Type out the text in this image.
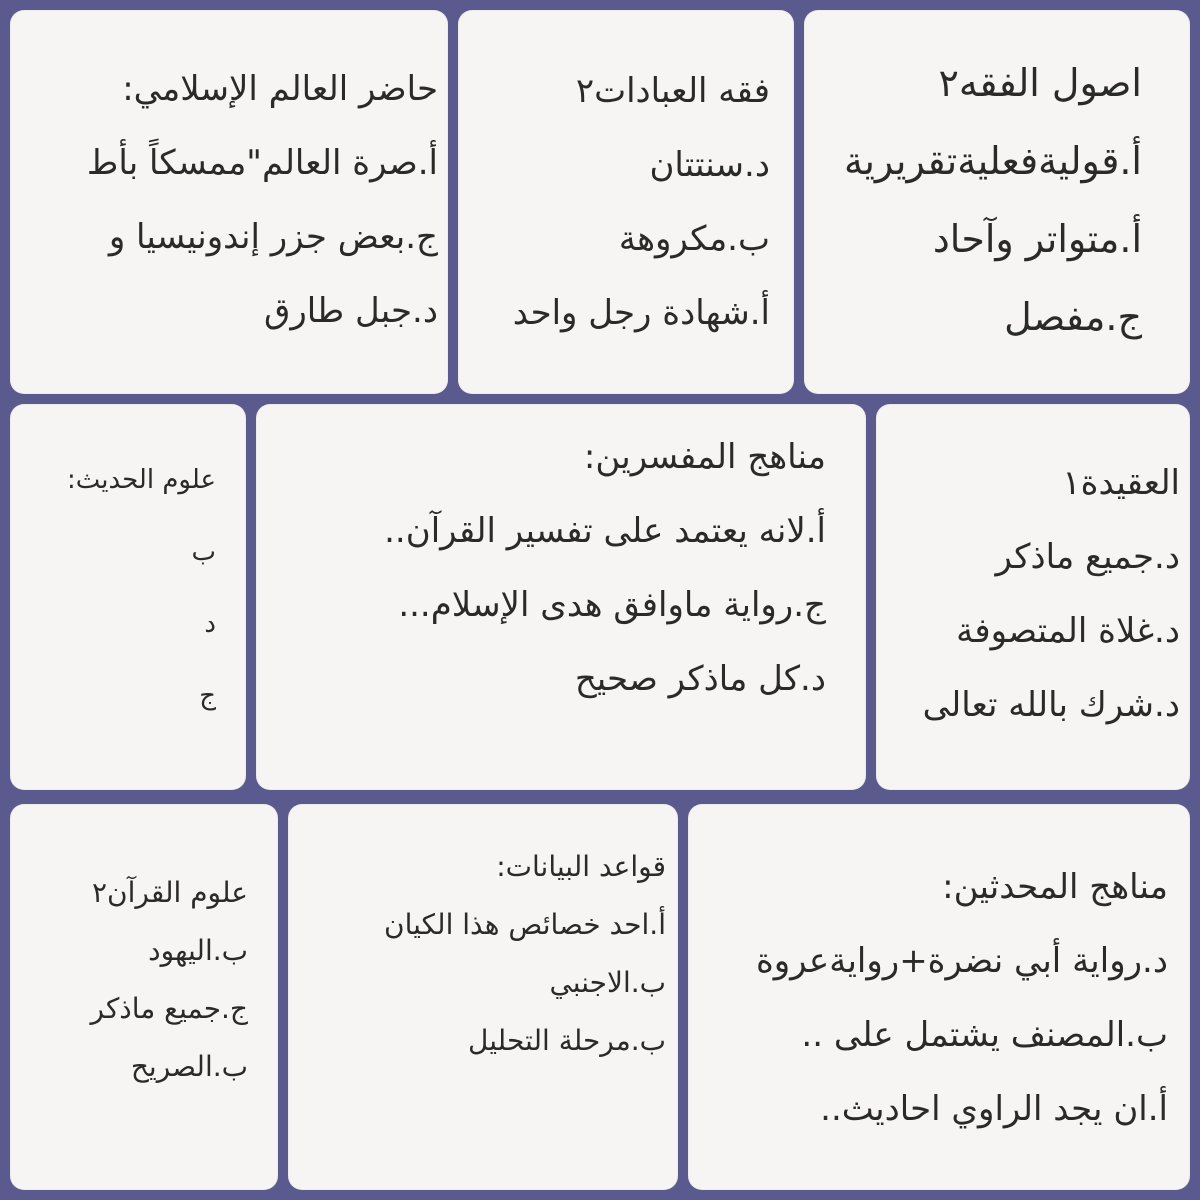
اصول الفقه٢
أ.قوليةفعليةتقريرية
أ.متواتر وآحاد
ج.مفصل
فقه العبادات٢
د.سنتتان
ب.مكروهة
أ.شهادة رجل واحد
حاضر العالم الإسلامي:
أ.صرة العالم"ممسكاً بأط
ج.بعض جزر إندونيسيا و
د.جبل طارق
العقيدة١
د.جميع ماذكر
د.غلاة المتصوفة
د.شرك بالله تعالى
مناهج المفسرين:
أ.لانه يعتمد على تفسير القرآن..
ج.رواية ماوافق هدى الإسلام...
د.كل ماذكر صحيح
علوم الحديث:
ب
د
ج
مناهج المحدثين:
د.رواية أبي نضرة+روايةعروة
ب.المصنف يشتمل على ..
أ.ان يجد الراوي احاديث..
قواعد البيانات:
أ.احد خصائص هذا الكيان
ب.الاجنبي
ب.مرحلة التحليل
علوم القرآن٢
ب.اليهود
ج.جميع ماذكر
ب.الصريح
